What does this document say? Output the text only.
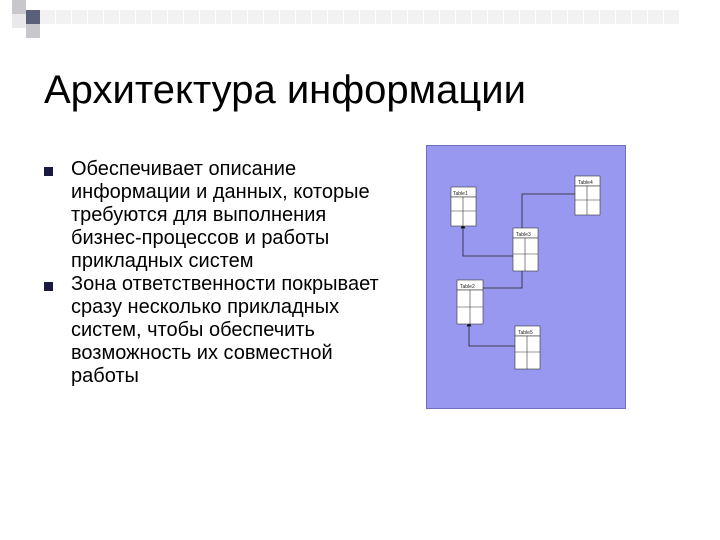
Архитектура информации
Обеспечивает описание информации и данных, которые требуются для выполнения бизнес-процессов и работы прикладных систем
Зона ответственности покрывает сразу несколько прикладных систем, чтобы обеспечить возможность их совместной работы
Table1
Table4
Table3
Table2
Table5
